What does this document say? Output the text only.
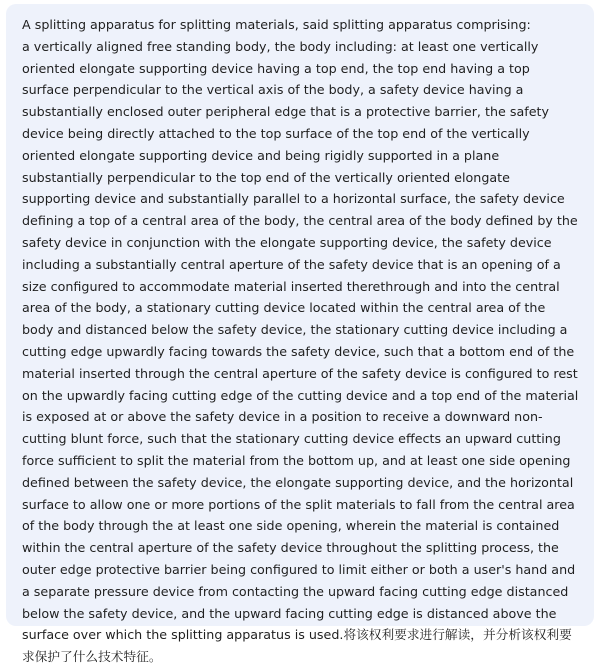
A splitting apparatus for splitting materials, said splitting apparatus comprising:

a vertically aligned free standing body, the body including: at least one vertically oriented elongate supporting device having a top end, the top end having a top surface perpendicular to the vertical axis of the body, a safety device having a substantially enclosed outer peripheral edge that is a protective barrier, the safety device being directly attached to the top surface of the top end of the vertically oriented elongate supporting device and being rigidly supported in a plane substantially perpendicular to the top end of the vertically oriented elongate supporting device and substantially parallel to a horizontal surface, the safety device defining a top of a central area of the body, the central area of the body defined by the safety device in conjunction with the elongate supporting device, the safety device including a substantially central aperture of the safety device that is an opening of a size configured to accommodate material inserted therethrough and into the central area of the body, a stationary cutting device located within the central area of the body and distanced below the safety device, the stationary cutting device including a cutting edge upwardly facing towards the safety device, such that a bottom end of the material inserted through the central aperture of the safety device is configured to rest on the upwardly facing cutting edge of the cutting device and a top end of the material is exposed at or above the safety device in a position to receive a downward non-cutting blunt force, such that the stationary cutting device effects an upward cutting force sufficient to split the material from the bottom up, and at least one side opening defined between the safety device, the elongate supporting device, and the horizontal surface to allow one or more portions of the split materials to fall from the central area of the body through the at least one side opening, wherein the material is contained within the central aperture of the safety device throughout the splitting process, the outer edge protective barrier being configured to limit either or both a user's hand and a separate pressure device from contacting the upward facing cutting edge distanced below the safety device, and the upward facing cutting edge is distanced above the surface over which the splitting apparatus is used.将该权利要求进行解读，并分析该权利要求保护了什么技术特征。
